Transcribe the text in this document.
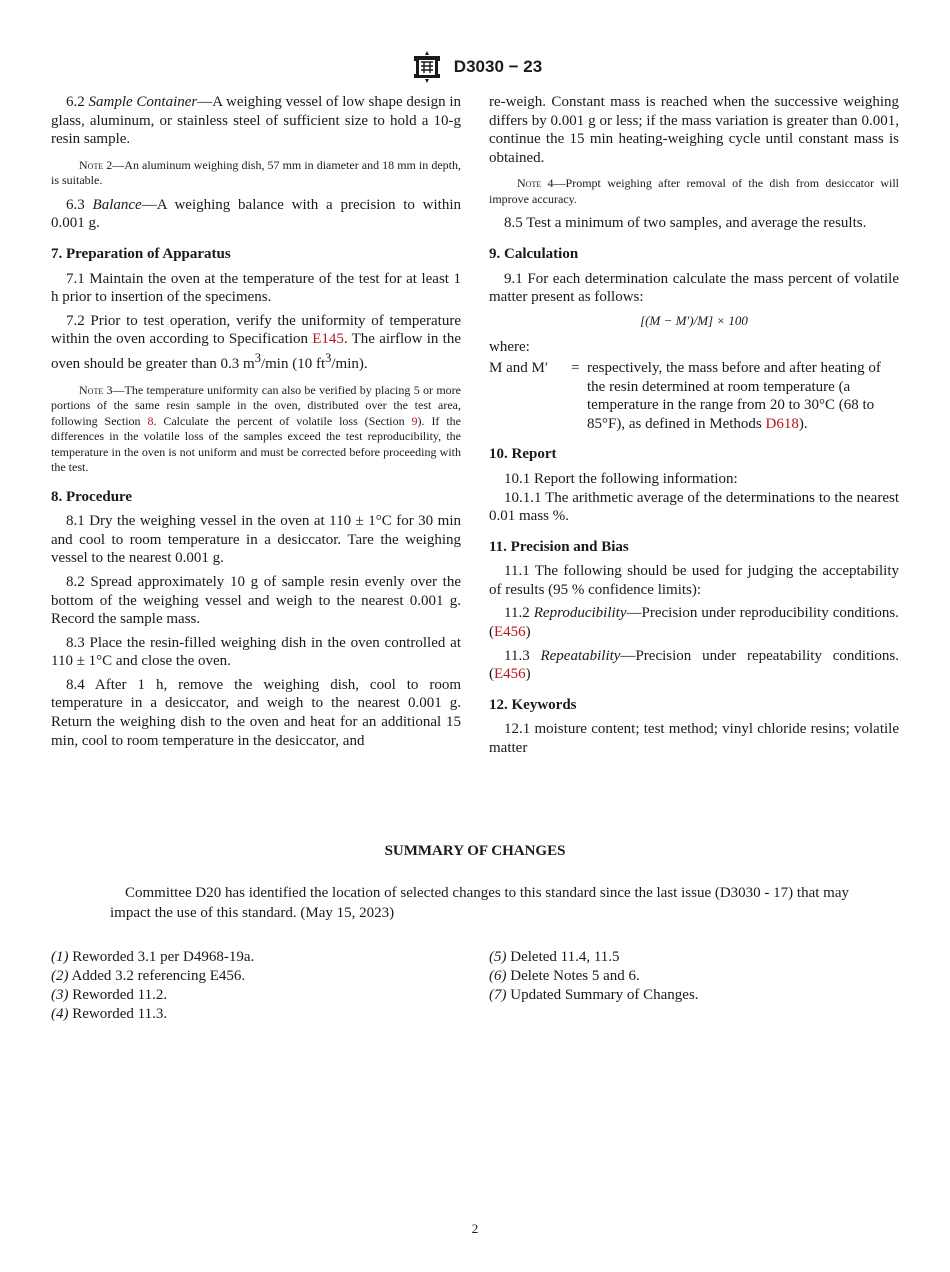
D3030 − 23

6.2 Sample Container—A weighing vessel of low shape design in glass, aluminum, or stainless steel of sufficient size to hold a 10-g resin sample.

Note 2—An aluminum weighing dish, 57 mm in diameter and 18 mm in depth, is suitable.

6.3 Balance—A weighing balance with a precision to within 0.001 g.

7. Preparation of Apparatus

7.1 Maintain the oven at the temperature of the test for at least 1 h prior to insertion of the specimens.

7.2 Prior to test operation, verify the uniformity of temperature within the oven according to Specification E145. The airflow in the oven should be greater than 0.3 $m^3/\min$ (10 $ft^3/\min$).

Note 3—The temperature uniformity can also be verified by placing 5 or more portions of the same resin sample in the oven, distributed over the test area, following Section 8. Calculate the percent of volatile loss (Section 9). If the differences in the volatile loss of the samples exceed the test reproducibility, the temperature in the oven is not uniform and must be corrected before proceeding with the test.
8. Procedure

8.1 Dry the weighing vessel in the oven at 110 ± 1°C for 30 min and cool to room temperature in a desiccator. Tare the weighing vessel to the nearest 0.001 g.

8.2 Spread approximately 10 g of sample resin evenly over the bottom of the weighing vessel and weigh to the nearest 0.001 g. Record the sample mass.

8.3 Place the resin-filled weighing dish in the oven controlled at 110 ± 1°C and close the oven.

8.4 After 1 h, remove the weighing dish, cool to room temperature in a desiccator, and weigh to the nearest 0.001 g. Return the weighing dish to the oven and heat for an additional 15 min, cool to room temperature in the desiccator, and

re-weigh. Constant mass is reached when the successive weighing differs by 0.001 g or less; if the mass variation is greater than 0.001, continue the 15 min heating-weighing cycle until constant mass is obtained.

Note 4—Prompt weighing after removal of the dish from desiccator will improve accuracy.

8.5 Test a minimum of two samples, and average the results.

9. Calculation

9.1 For each determination calculate the mass percent of volatile matter present as follows:

[(M − M′)/M] × 100
where:
M and M′	= respectively, the mass before and after heating of the resin determined at room temperature (a temperature in the range from 20 to 30°C (68 to 85°F), as defined in Methods D618).
10. Report

10.1 Report the following information:

10.1.1 The arithmetic average of the determinations to the nearest 0.01 mass %.

11. Precision and Bias

11.1 The following should be used for judging the acceptability of results (95 % confidence limits):

11.2 Reproducibility—Precision under reproducibility conditions. (E456)

11.3 Repeatability—Precision under repeatability conditions. (E456)

12. Keywords

12.1 moisture content; test method; vinyl chloride resins; volatile matter

SUMMARY OF CHANGES

Committee D20 has identified the location of selected changes to this standard since the last issue (D3030 - 17) that may impact the use of this standard. (May 15, 2023)

(1) Reworded 3.1 per D4968-19a.
(2) Added 3.2 referencing E456.
(3) Reworded 11.2.
(4) Reworded 11.3.
(5) Deleted 11.4, 11.5
(6) Delete Notes 5 and 6.
(7) Updated Summary of Changes.
2
